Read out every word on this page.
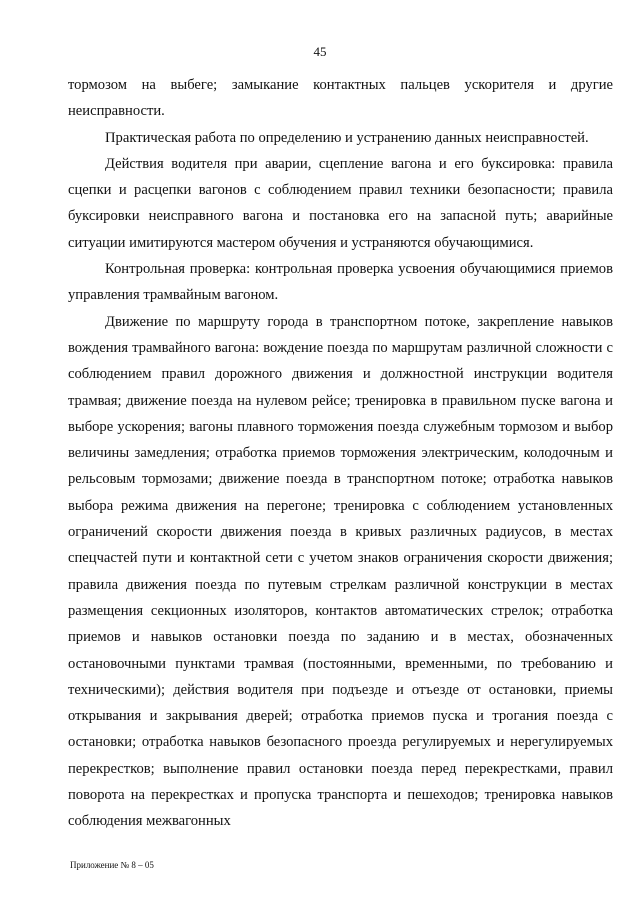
45

тормозом на выбеге; замыкание контактных пальцев ускорителя и другие неисправности.

Практическая работа по определению и устранению данных неисправностей.

Действия водителя при аварии, сцепление вагона и его буксировка: правила сцепки и расцепки вагонов с соблюдением правил техники безопасности; правила буксировки неисправного вагона и постановка его на запасной путь; аварийные ситуации имитируются мастером обучения и устраняются обучающимися.

Контрольная проверка: контрольная проверка усвоения обучающимися приемов управления трамвайным вагоном.

Движение по маршруту города в транспортном потоке, закрепление навыков вождения трамвайного вагона: вождение поезда по маршрутам различной сложности с соблюдением правил дорожного движения и должностной инструкции водителя трамвая; движение поезда на нулевом рейсе; тренировка в правильном пуске вагона и выборе ускорения; вагоны плавного торможения поезда служебным тормозом и выбор величины замедления; отработка приемов торможения электрическим, колодочным и рельсовым тормозами; движение поезда в транспортном потоке; отработка навыков выбора режима движения на перегоне; тренировка с соблюдением установленных ограничений скорости движения поезда в кривых различных радиусов, в местах спецчастей пути и контактной сети с учетом знаков ограничения скорости движения; правила движения поезда по путевым стрелкам различной конструкции в местах размещения секционных изоляторов, контактов автоматических стрелок; отработка приемов и навыков остановки поезда по заданию и в местах, обозначенных остановочными пунктами трамвая (постоянными, временными, по требованию и техническими); действия водителя при подъезде и отъезде от остановки, приемы открывания и закрывания дверей; отработка приемов пуска и трогания поезда с остановки; отработка навыков безопасного проезда регулируемых и нерегулируемых перекрестков; выполнение правил остановки поезда перед перекрестками, правил поворота на перекрестках и пропуска транспорта и пешеходов; тренировка навыков соблюдения межвагонных

Приложение № 8 – 05
